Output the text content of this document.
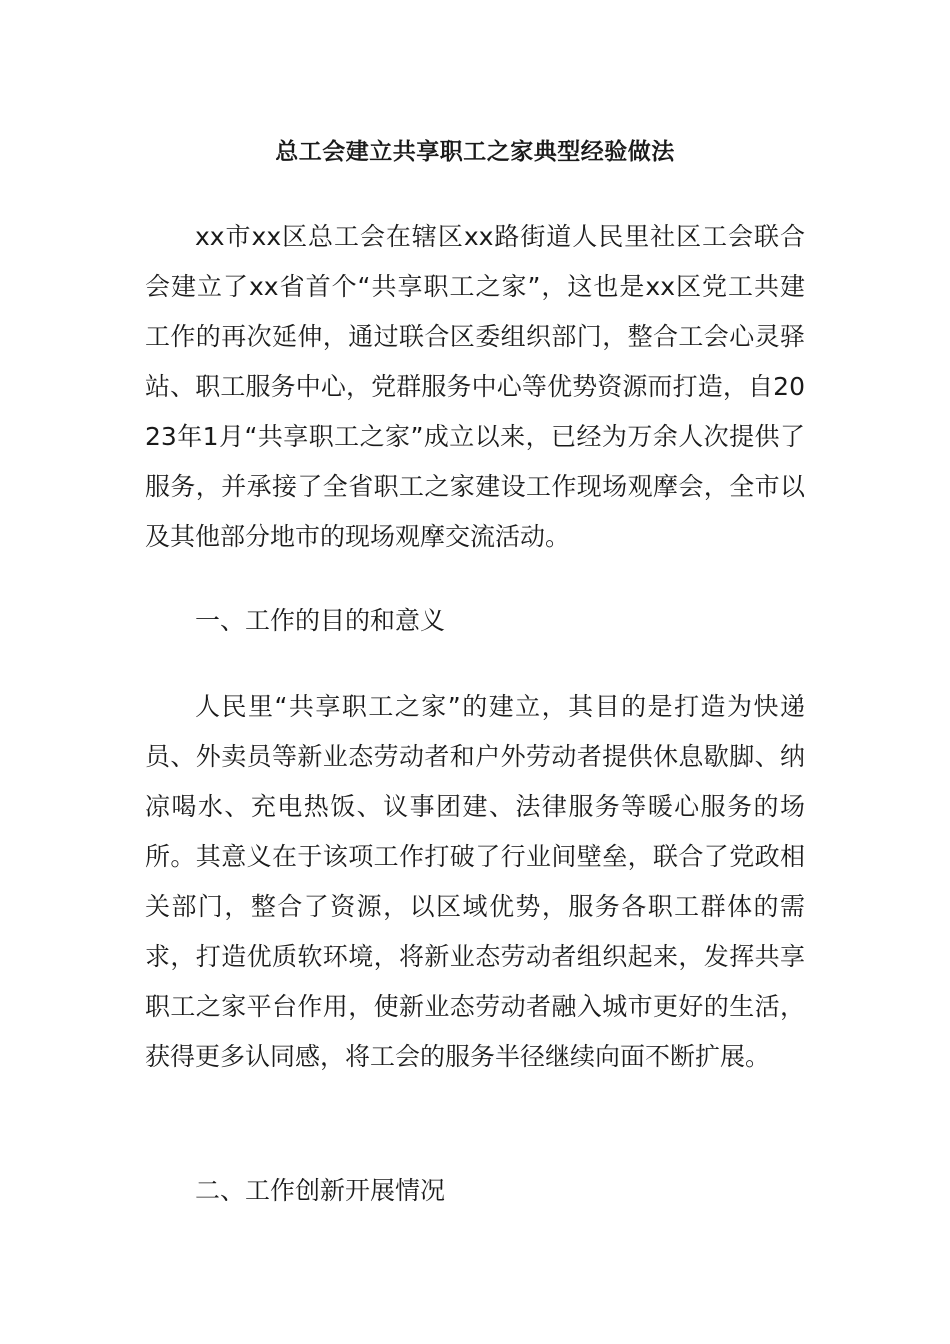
总工会建立共享职工之家典型经验做法

xx市xx区总工会在辖区xx路街道人民里社区工会联合会建立了xx省首个“共享职工之家”，这也是xx区党工共建工作的再次延伸，通过联合区委组织部门，整合工会心灵驿站、职工服务中心，党群服务中心等优势资源而打造，自2023年1月“共享职工之家”成立以来，已经为万余人次提供了服务，并承接了全省职工之家建设工作现场观摩会，全市以及其他部分地市的现场观摩交流活动。

一、工作的目的和意义

人民里“共享职工之家”的建立，其目的是打造为快递员、外卖员等新业态劳动者和户外劳动者提供休息歇脚、纳凉喝水、充电热饭、议事团建、法律服务等暖心服务的场所。其意义在于该项工作打破了行业间壁垒，联合了党政相关部门，整合了资源，以区域优势，服务各职工群体的需求，打造优质软环境，将新业态劳动者组织起来，发挥共享职工之家平台作用，使新业态劳动者融入城市更好的生活，获得更多认同感，将工会的服务半径继续向面不断扩展。

二、工作创新开展情况
